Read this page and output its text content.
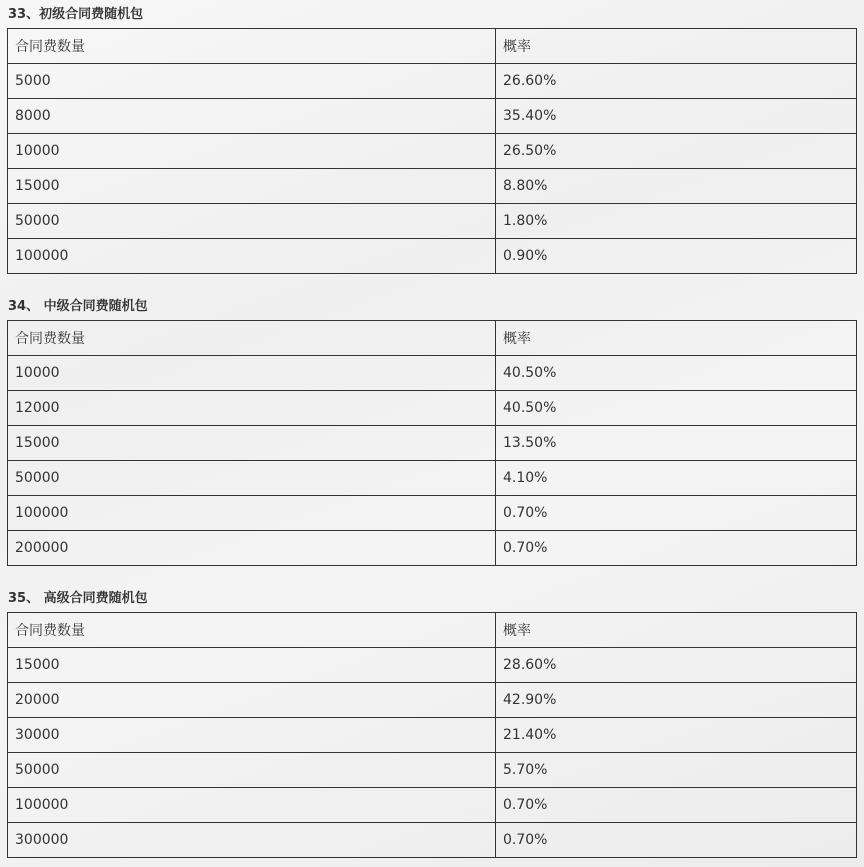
33、初级合同费随机包
合同费数量	概率
5000	26.60%
8000	35.40%
10000	26.50%
15000	8.80%
50000	1.80%
100000	0.90%
34、 中级合同费随机包
合同费数量	概率
10000	40.50%
12000	40.50%
15000	13.50%
50000	4.10%
100000	0.70%
200000	0.70%
35、 高级合同费随机包
合同费数量	概率
15000	28.60%
20000	42.90%
30000	21.40%
50000	5.70%
100000	0.70%
300000	0.70%
